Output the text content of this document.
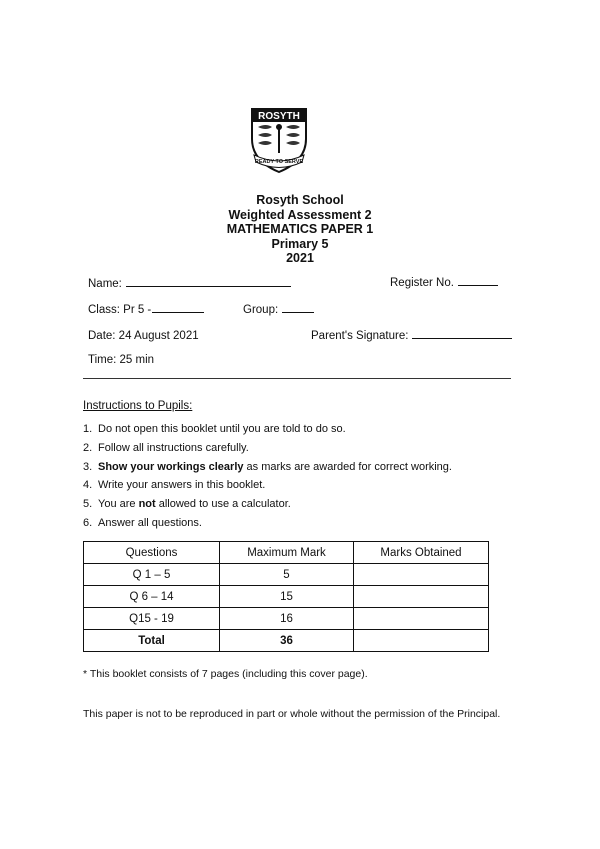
ROSYTH
READY TO SERVE
Rosyth School
Weighted Assessment 2
MATHEMATICS PAPER 1
Primary 5
2021
Name:	Register No.
Class: Pr 5 -	Group:
Date: 24 August 2021	Parent's Signature:
Time: 25 min
Instructions to Pupils:
1. Do not open this booklet until you are told to do so.
2. Follow all instructions carefully.
3. Show your workings clearly as marks are awarded for correct working.
4. Write your answers in this booklet.
5. You are not allowed to use a calculator.
6. Answer all questions.
Questions	Maximum Mark	Marks Obtained
Q 1 – 5	5	
Q 6 – 14	15	
Q15 - 19	16	
Total	36	
* This booklet consists of 7 pages (including this cover page).
This paper is not to be reproduced in part or whole without the permission of the Principal.
